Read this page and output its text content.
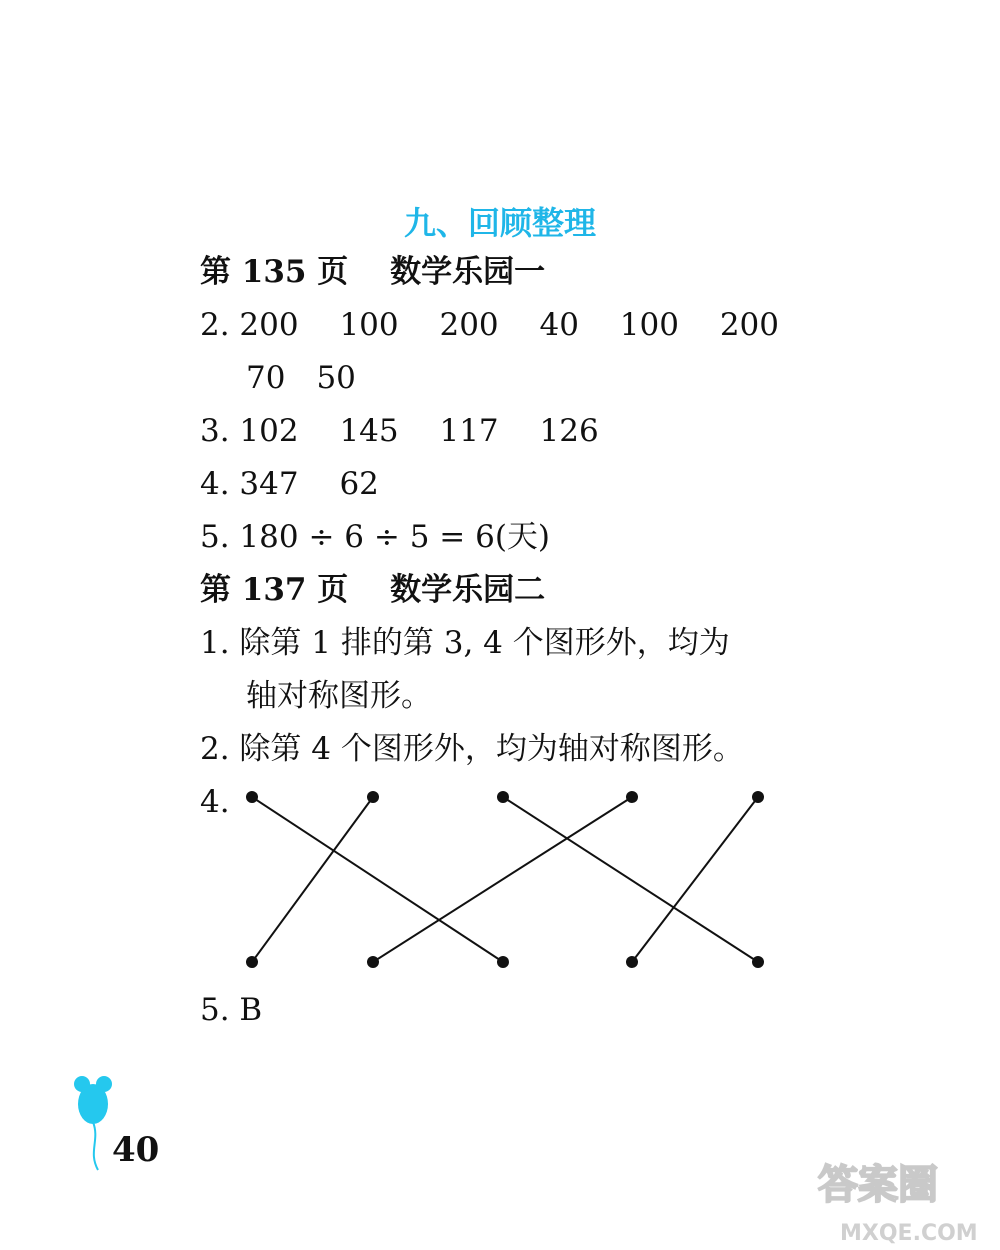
九、回顾整理
第 135 页　 数学乐园一
2. 200　 100　 200　 40　 100　 200
70　50
3. 102　 145　 117　 126
4. 347　 62
5. 180 ÷ 6 ÷ 5 = 6(天)
第 137 页　 数学乐园二
1. 除第 1 排的第 3, 4 个图形外，均为
轴对称图形。
2. 除第 4 个图形外，均为轴对称图形。
4.
5. B
40
答案圈
MXQE.COM
